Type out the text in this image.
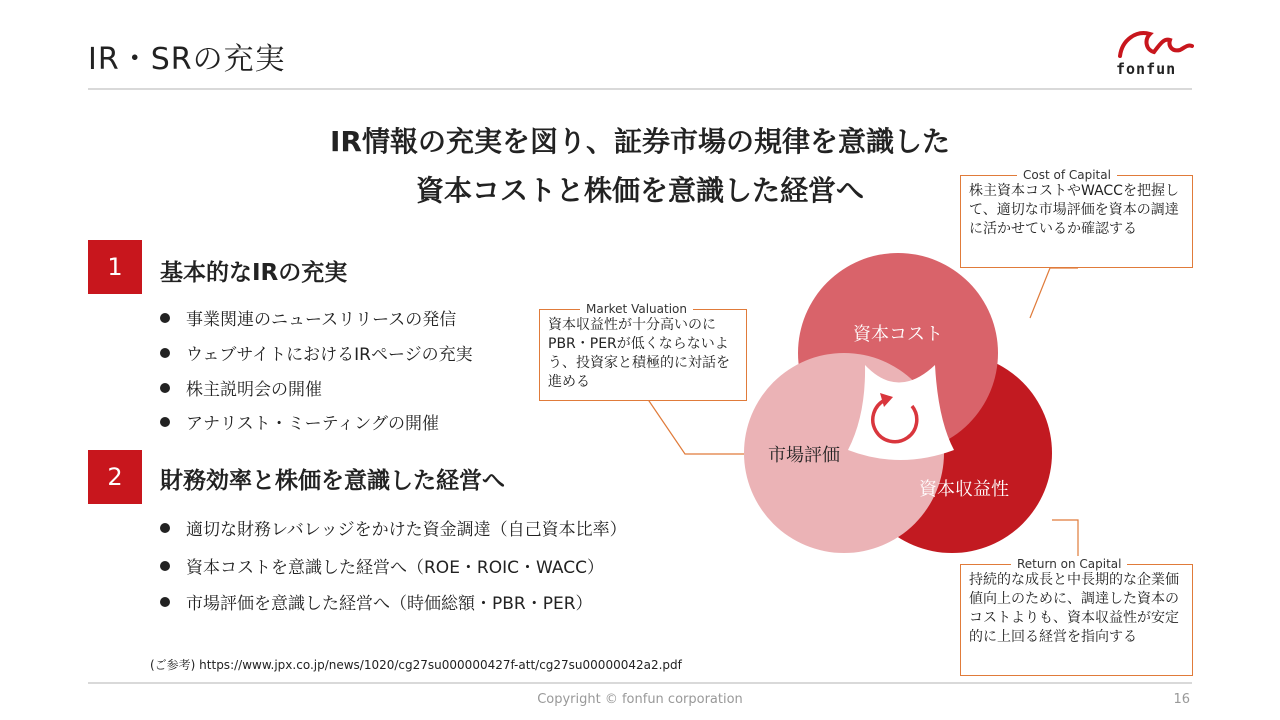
IR・SRの充実	fonfun
IR情報の充実を図り、証券市場の規律を意識した
資本コストと株価を意識した経営へ
1	基本的なIRの充実
事業関連のニュースリリースの発信
ウェブサイトにおけるIRページの充実
株主説明会の開催
アナリスト・ミーティングの開催
2	財務効率と株価を意識した経営へ
適切な財務レバレッジをかけた資金調達（自己資本比率）
資本コストを意識した経営へ（ROE・ROIC・WACC）
市場評価を意識した経営へ（時価総額・PBR・PER）
資本コスト
市場評価
資本収益性
Cost of Capital
株主資本コストやWACCを把握して、適切な市場評価を資本の調達に活かせているか確認する
Market Valuation
資本収益性が十分高いのにPBR・PERが低くならないよう、投資家と積極的に対話を進める
Return on Capital
持続的な成長と中長期的な企業価値向上のために、調達した資本のコストよりも、資本収益性が安定的に上回る経営を指向する
(ご参考) https://www.jpx.co.jp/news/1020/cg27su000000427f-att/cg27su00000042a2.pdf
Copyright © fonfun corporation	16
